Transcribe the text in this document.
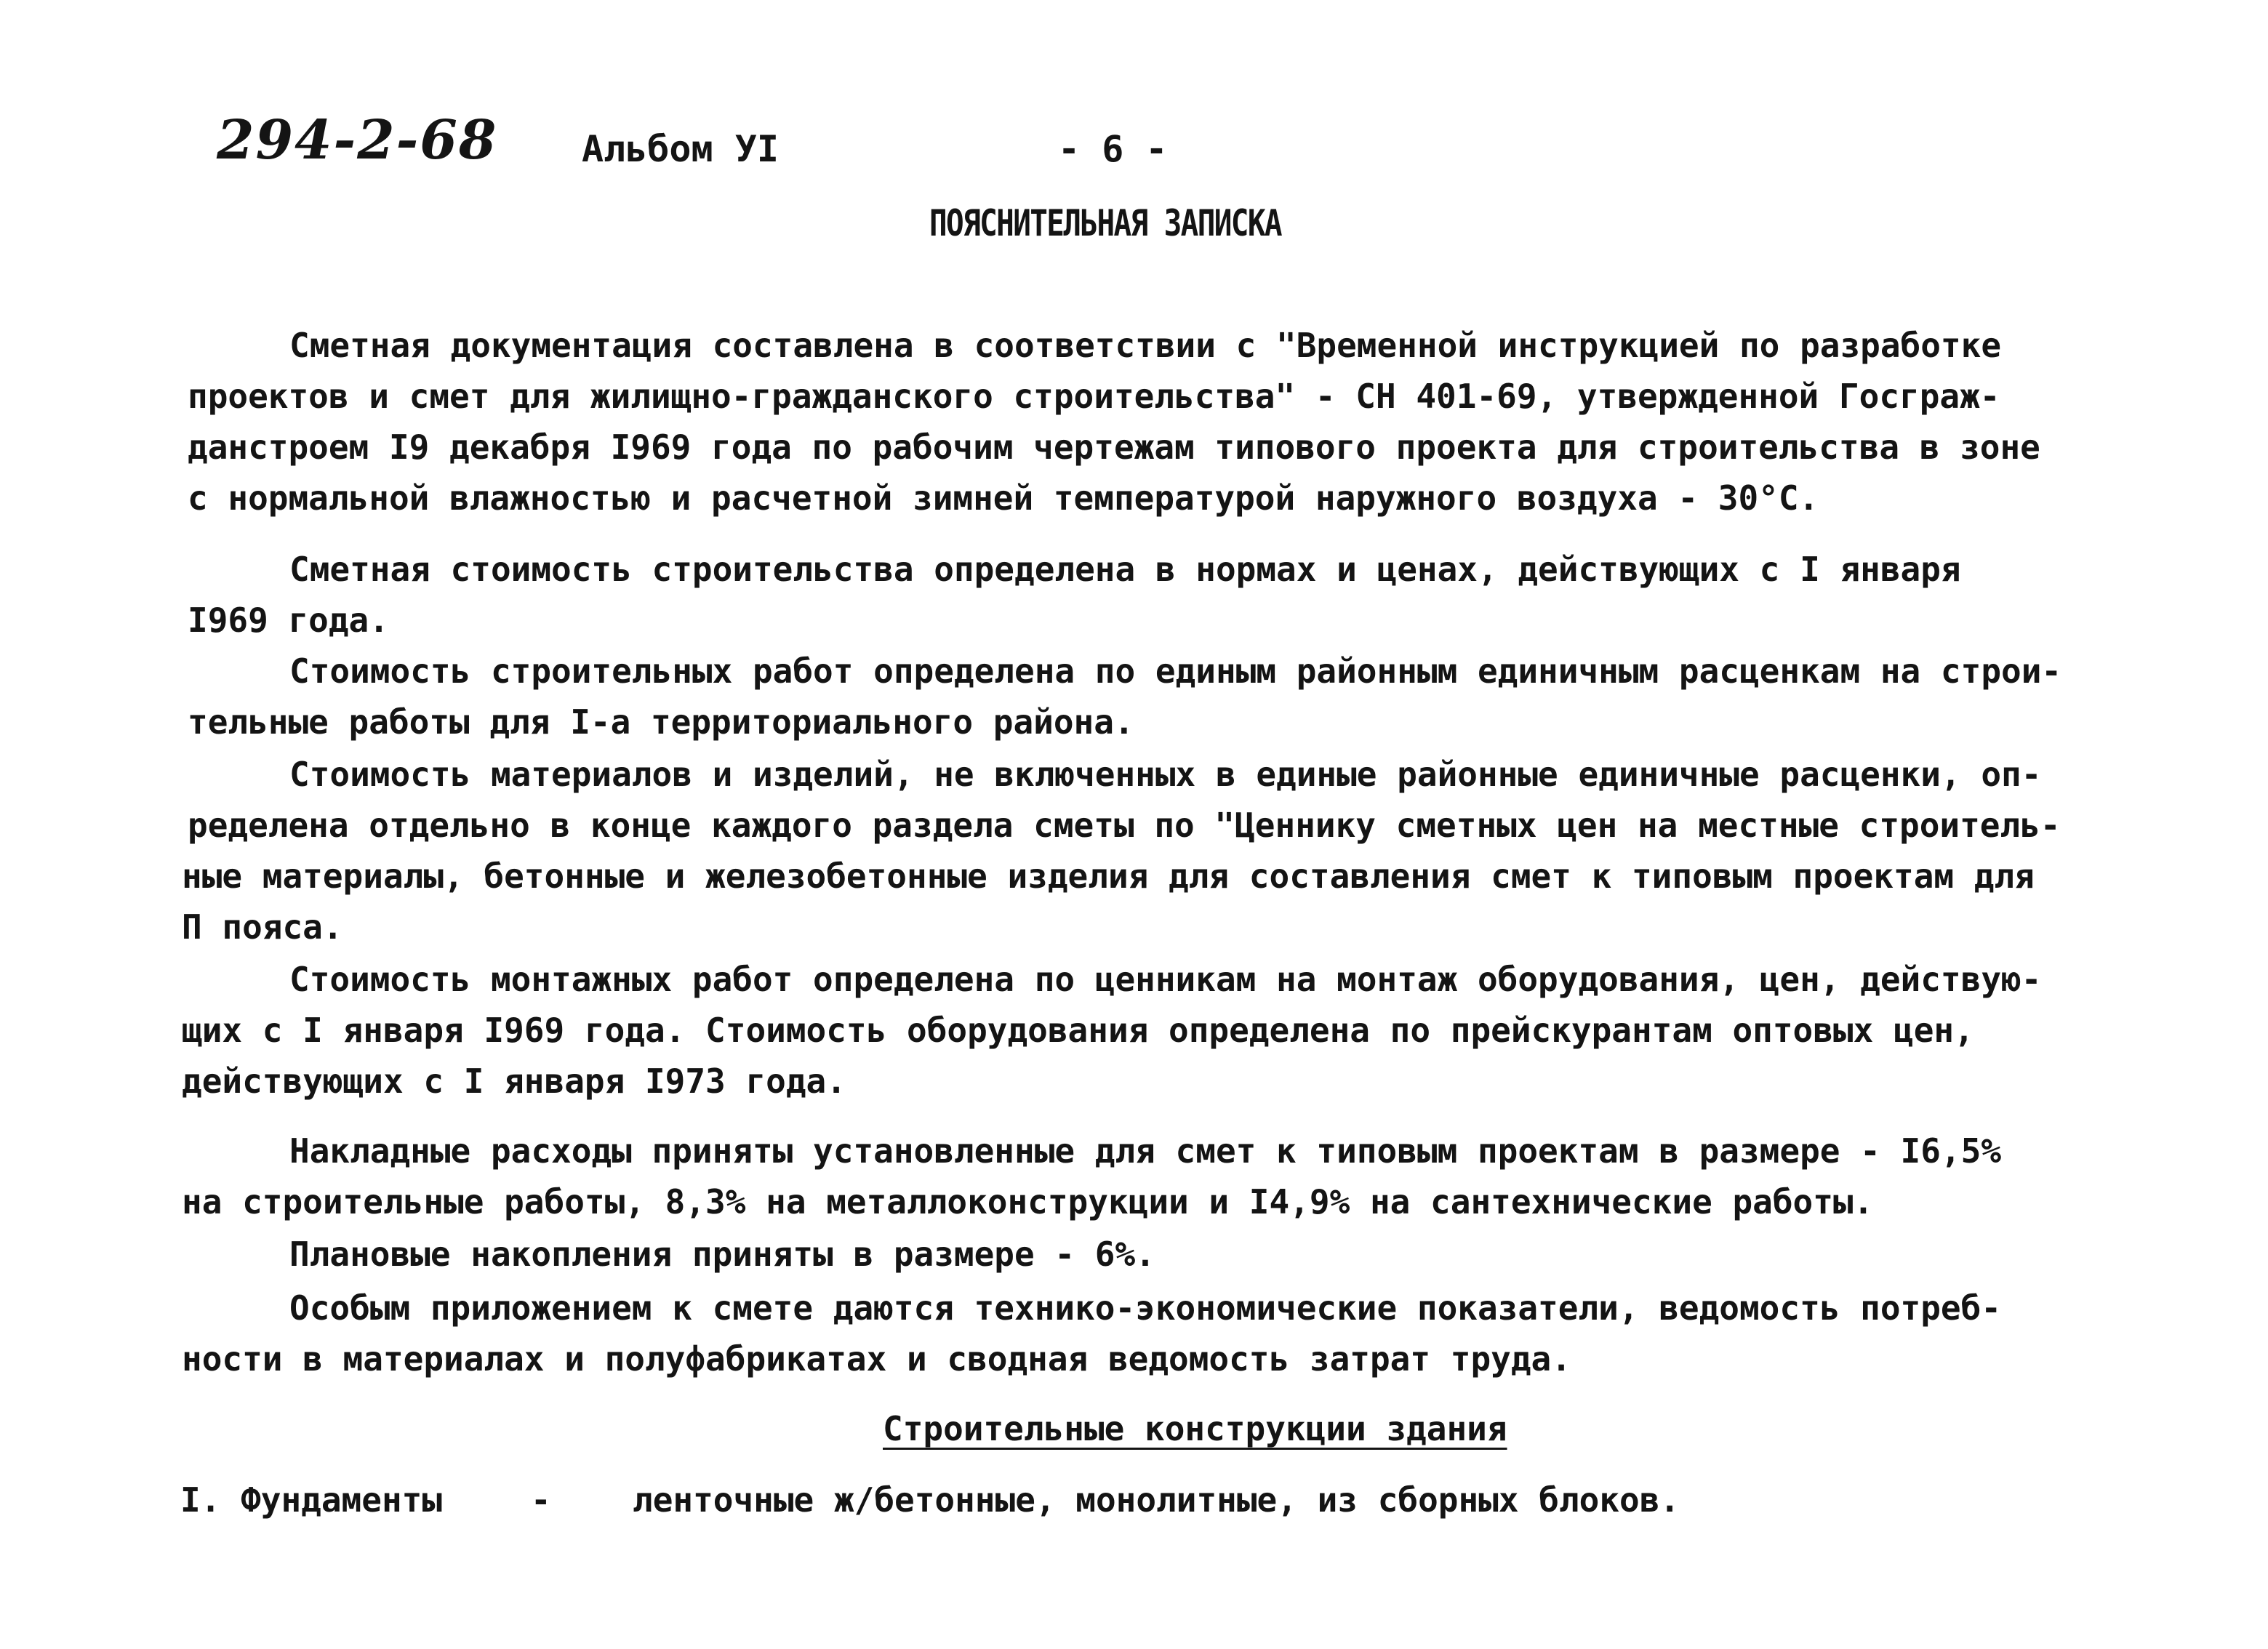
294-2-68 Альбом УI	- 6 -
ПОЯСНИТЕЛЬНАЯ ЗАПИСКА
Сметная документация составлена в соответствии с "Временной инструкцией по разработке
проектов и смет для жилищно-гражданского строительства" - СН 401-69, утвержденной Госграж-
данстроем I9 декабря I969 года по рабочим чертежам типового проекта для строительства в зоне
с нормальной влажностью и расчетной зимней температурой наружного воздуха - 30°С.
Сметная стоимость строительства определена в нормах и ценах, действующих с I января
I969 года.
Стоимость строительных работ определена по единым районным единичным расценкам на строи-
тельные работы для I-а территориального района.
Стоимость материалов и изделий, не включенных в единые районные единичные расценки, оп-
ределена отдельно в конце каждого раздела сметы по "Ценнику сметных цен на местные строитель-
ные материалы, бетонные и железобетонные изделия для составления смет к типовым проектам для
П пояса.
Стоимость монтажных работ определена по ценникам на монтаж оборудования, цен, действую-
щих с I января I969 года. Стоимость оборудования определена по прейскурантам оптовых цен,
действующих с I января I973 года.
Накладные расходы приняты установленные для смет к типовым проектам в размере - I6,5%
на строительные работы, 8,3% на металлоконструкции и I4,9% на сантехнические работы.
Плановые накопления приняты в размере - 6%.
Особым приложением к смете даются технико-экономические показатели, ведомость потреб-
ности в материалах и полуфабрикатах и сводная ведомость затрат труда.
Строительные конструкции здания
I. Фундаменты	- ленточные ж/бетонные, монолитные, из сборных блоков.
